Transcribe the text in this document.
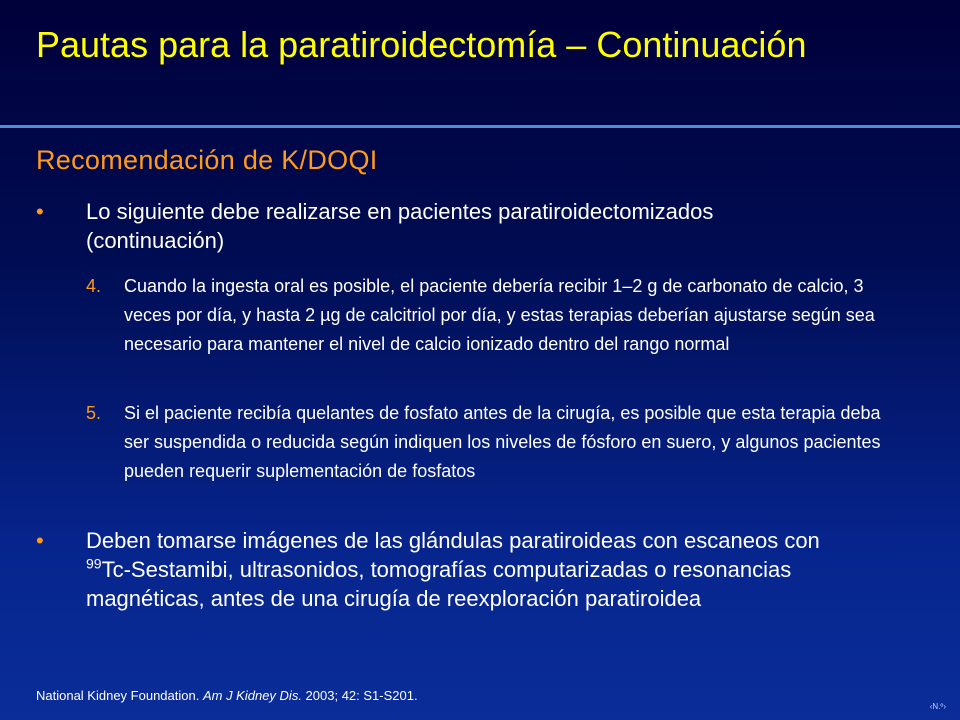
Pautas para la paratiroidectomía – Continuación
Recomendación de K/DOQI
• Lo siguiente debe realizarse en pacientes paratiroidectomizados (continuación)
4. Cuando la ingesta oral es posible, el paciente debería recibir 1–2 g de carbonato de calcio, 3 veces por día, y hasta 2 µg de calcitriol por día, y estas terapias deberían ajustarse según sea necesario para mantener el nivel de calcio ionizado dentro del rango normal
5. Si el paciente recibía quelantes de fosfato antes de la cirugía, es posible que esta terapia deba ser suspendida o reducida según indiquen los niveles de fósforo en suero, y algunos pacientes pueden requerir suplementación de fosfatos
• Deben tomarse imágenes de las glándulas paratiroideas con escaneos con $^{99}$Tc-Sestamibi, ultrasonidos, tomografías computarizadas o resonancias magnéticas, antes de una cirugía de reexploración paratiroidea
National Kidney Foundation. Am J Kidney Dis. 2003; 42: S1-S201.
‹N.º›
